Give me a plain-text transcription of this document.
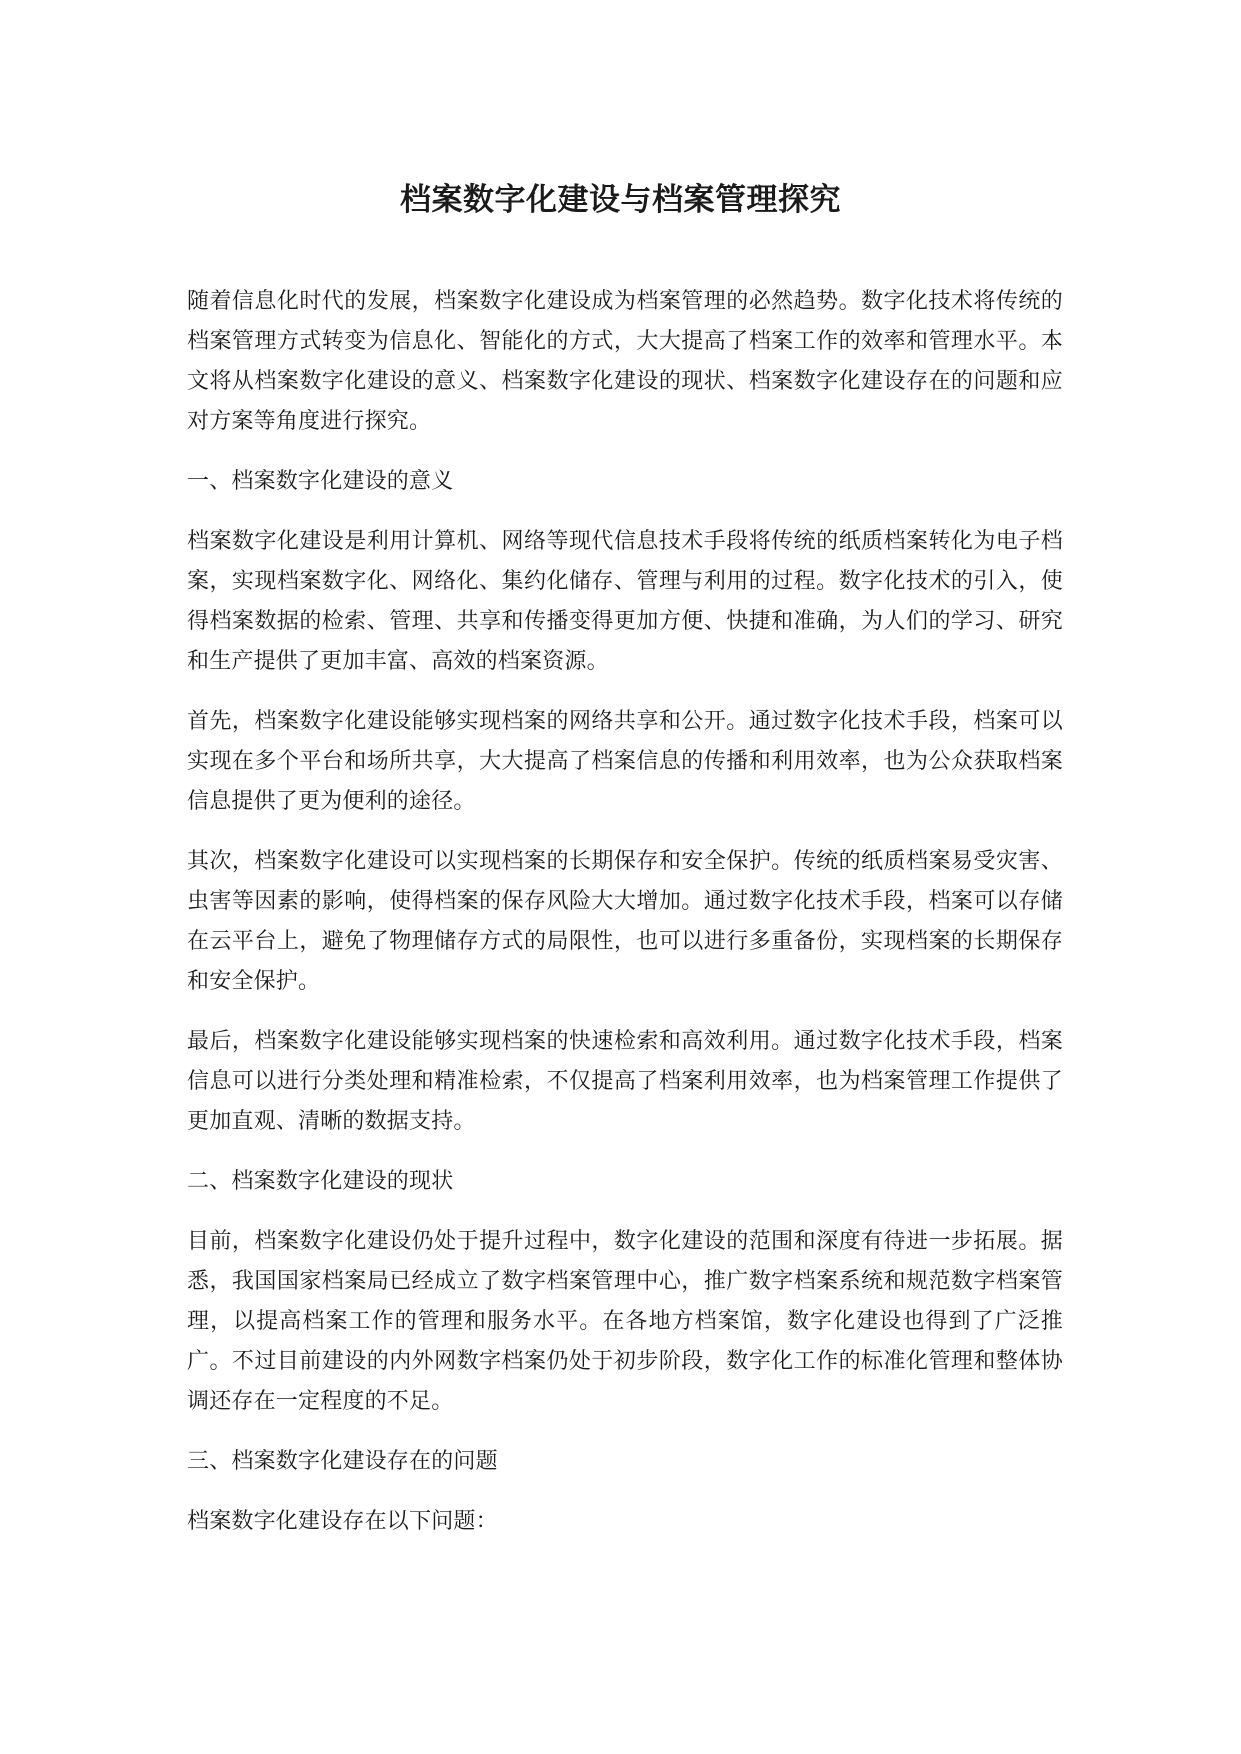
档案数字化建设与档案管理探究

随着信息化时代的发展，档案数字化建设成为档案管理的必然趋势。数字化技术将传统的档案管理方式转变为信息化、智能化的方式，大大提高了档案工作的效率和管理水平。本文将从档案数字化建设的意义、档案数字化建设的现状、档案数字化建设存在的问题和应对方案等角度进行探究。

一、档案数字化建设的意义

档案数字化建设是利用计算机、网络等现代信息技术手段将传统的纸质档案转化为电子档案，实现档案数字化、网络化、集约化储存、管理与利用的过程。数字化技术的引入，使得档案数据的检索、管理、共享和传播变得更加方便、快捷和准确，为人们的学习、研究和生产提供了更加丰富、高效的档案资源。

首先，档案数字化建设能够实现档案的网络共享和公开。通过数字化技术手段，档案可以实现在多个平台和场所共享，大大提高了档案信息的传播和利用效率，也为公众获取档案信息提供了更为便利的途径。

其次，档案数字化建设可以实现档案的长期保存和安全保护。传统的纸质档案易受灾害、虫害等因素的影响，使得档案的保存风险大大增加。通过数字化技术手段，档案可以存储在云平台上，避免了物理储存方式的局限性，也可以进行多重备份，实现档案的长期保存和安全保护。

最后，档案数字化建设能够实现档案的快速检索和高效利用。通过数字化技术手段，档案信息可以进行分类处理和精准检索，不仅提高了档案利用效率，也为档案管理工作提供了更加直观、清晰的数据支持。

二、档案数字化建设的现状

目前，档案数字化建设仍处于提升过程中，数字化建设的范围和深度有待进一步拓展。据悉，我国国家档案局已经成立了数字档案管理中心，推广数字档案系统和规范数字档案管理，以提高档案工作的管理和服务水平。在各地方档案馆，数字化建设也得到了广泛推广。不过目前建设的内外网数字档案仍处于初步阶段，数字化工作的标准化管理和整体协调还存在一定程度的不足。

三、档案数字化建设存在的问题

档案数字化建设存在以下问题：
